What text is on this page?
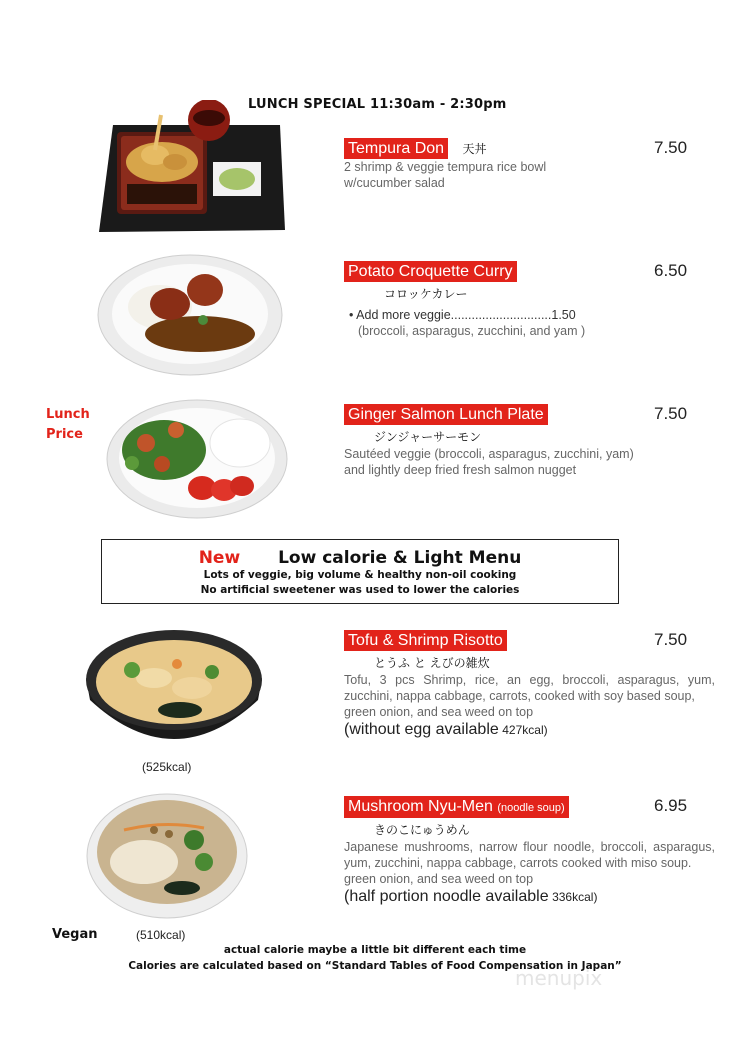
LUNCH SPECIAL 11:30am - 2:30pm
Lunch
Price
Tempura Don 天丼
2 shrimp & veggie tempura rice bowl
w/cucumber salad
7.50
Potato Croquette Curry
コロッケカレー
• Add more veggie.............................1.50
(broccoli, asparagus, zucchini, and yam )
6.50
Ginger Salmon Lunch Plate
ジンジャーサーモン
Sautéed veggie (broccoli, asparagus, zucchini, yam)
and lightly deep fried fresh salmon nugget
7.50
New Low calorie & Light Menu
Lots of veggie, big volume & healthy non-oil cooking
No artificial sweetener was used to lower the calories
(525kcal)
Tofu & Shrimp Risotto
とうふ と えびの雑炊
Tofu, 3 pcs Shrimp, rice, an egg, broccoli, asparagus, yum, zucchini, nappa cabbage, carrots, cooked with soy based soup,
green onion, and sea weed on top
(without egg available 427kcal)
7.50
Vegan	(510kcal)
Mushroom Nyu-Men (noodle soup)
きのこにゅうめん
Japanese mushrooms, narrow flour noodle, broccoli, asparagus, yum, zucchini, nappa cabbage, carrots cooked with miso soup.
green onion, and sea weed on top
(half portion noodle available 336kcal)
6.95
actual calorie maybe a little bit different each time
Calories are calculated based on “Standard Tables of Food Compensation in Japan”
menupix
